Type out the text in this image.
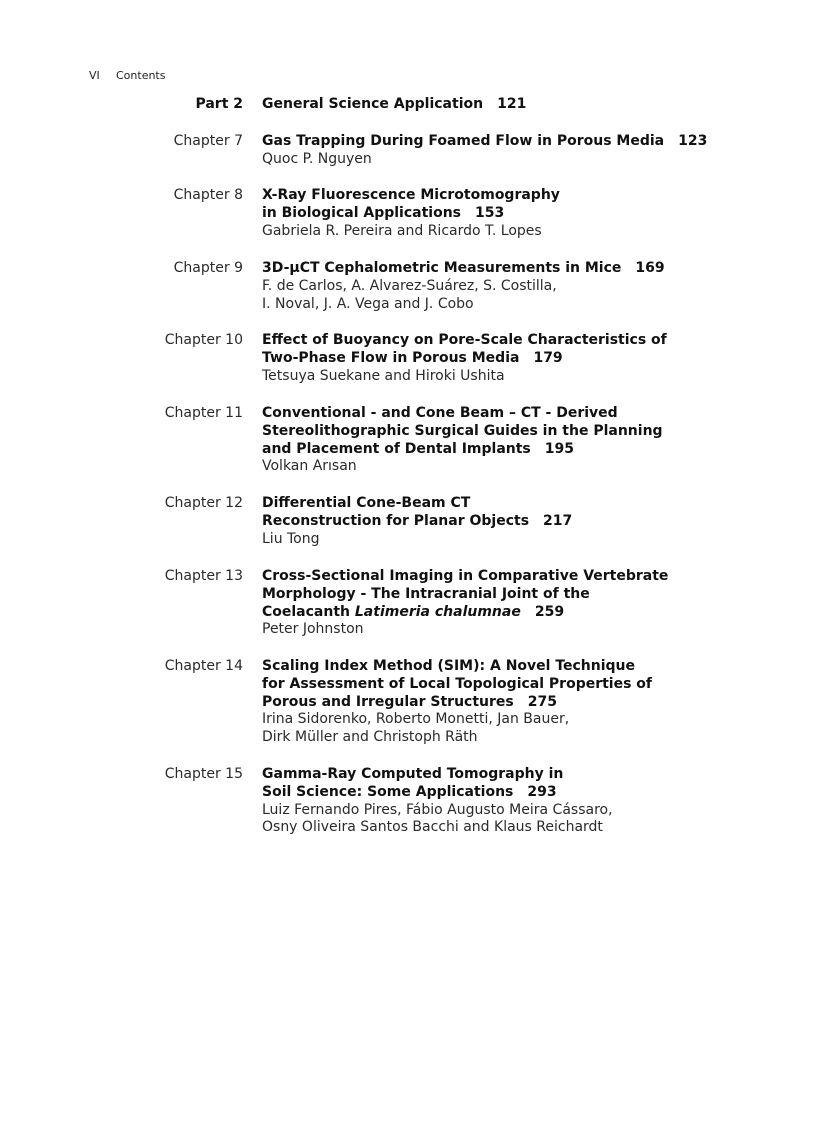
VI Contents
Part 2 General Science Application 121
Chapter 7 Gas Trapping During Foamed Flow in Porous Media 123
Quoc P. Nguyen
Chapter 8 X-Ray Fluorescence Microtomography
in Biological Applications 153
Gabriela R. Pereira and Ricardo T. Lopes
Chapter 9 3D-µCT Cephalometric Measurements in Mice 169
F. de Carlos, A. Alvarez-Suárez, S. Costilla,
I. Noval, J. A. Vega and J. Cobo
Chapter 10 Effect of Buoyancy on Pore-Scale Characteristics of
Two-Phase Flow in Porous Media 179
Tetsuya Suekane and Hiroki Ushita
Chapter 11 Conventional - and Cone Beam – CT - Derived
Stereolithographic Surgical Guides in the Planning
and Placement of Dental Implants 195
Volkan Arısan
Chapter 12 Differential Cone-Beam CT
Reconstruction for Planar Objects 217
Liu Tong
Chapter 13 Cross-Sectional Imaging in Comparative Vertebrate
Morphology - The Intracranial Joint of the
Coelacanth Latimeria chalumnae 259
Peter Johnston
Chapter 14 Scaling Index Method (SIM): A Novel Technique
for Assessment of Local Topological Properties of
Porous and Irregular Structures 275
Irina Sidorenko, Roberto Monetti, Jan Bauer,
Dirk Müller and Christoph Räth
Chapter 15 Gamma-Ray Computed Tomography in
Soil Science: Some Applications 293
Luiz Fernando Pires, Fábio Augusto Meira Cássaro,
Osny Oliveira Santos Bacchi and Klaus Reichardt
